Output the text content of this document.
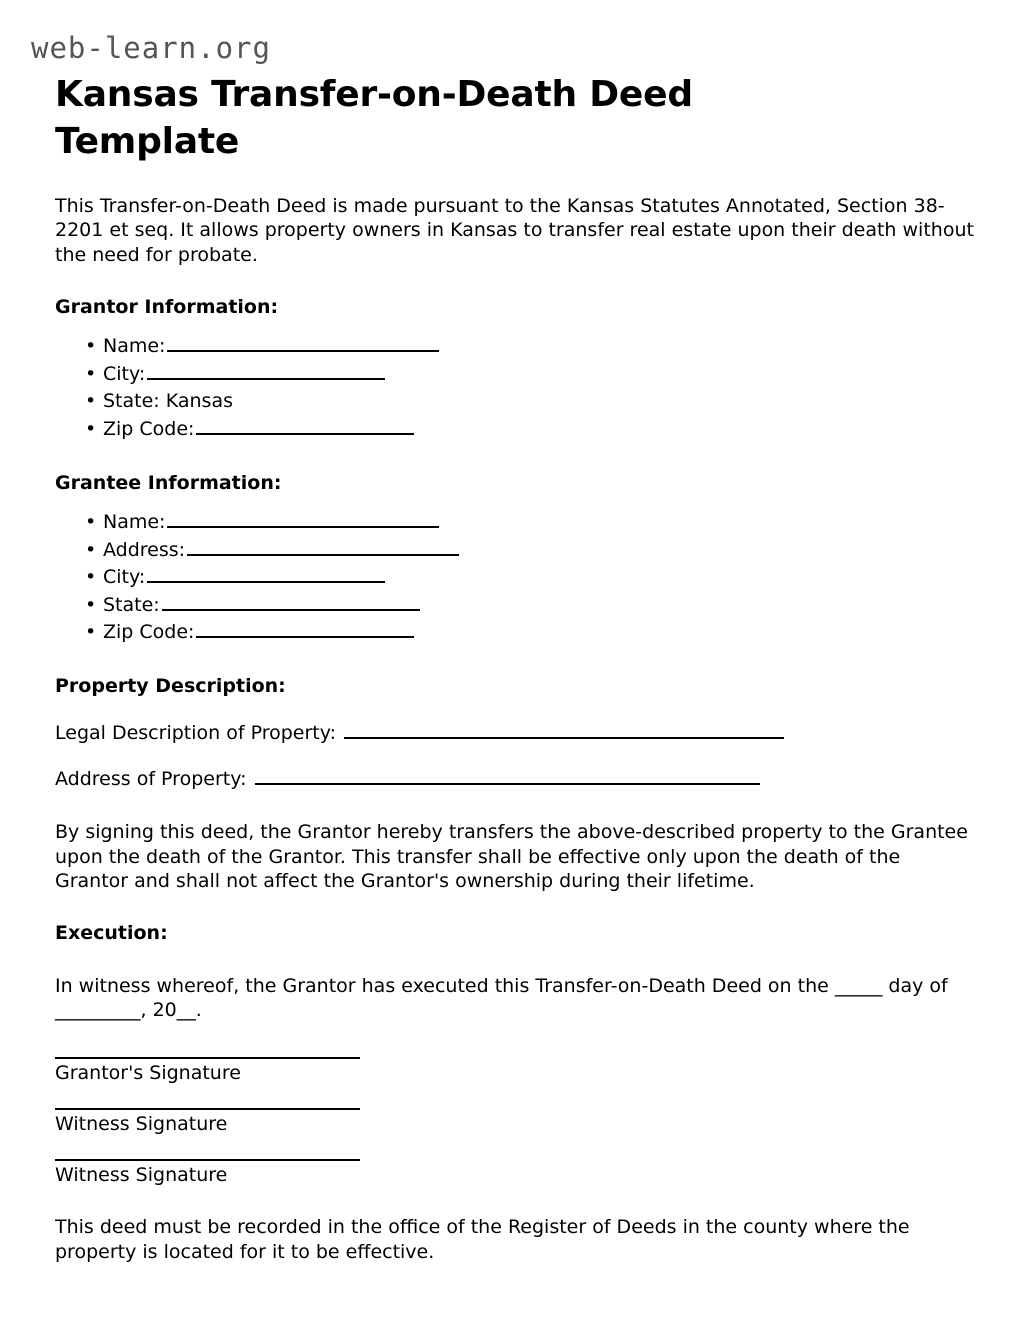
web-learn.org
Kansas Transfer-on-Death Deed Template

This Transfer-on-Death Deed is made pursuant to the Kansas Statutes Annotated, Section 38-2201 et seq. It allows property owners in Kansas to transfer real estate upon their death without the need for probate.

Grantor Information:
• Name:
• City:
• State: Kansas
• Zip Code:
Grantee Information:
• Name:
• Address:
• City:
• State:
• Zip Code:
Property Description:
Legal Description of Property:
Address of Property:

By signing this deed, the Grantor hereby transfers the above-described property to the Grantee upon the death of the Grantor. This transfer shall be effective only upon the death of the Grantor and shall not affect the Grantor's ownership during their lifetime.

Execution:

In witness whereof, the Grantor has executed this Transfer-on-Death Deed on the _____ day of _________, 20__.

Grantor's Signature
Witness Signature
Witness Signature

This deed must be recorded in the office of the Register of Deeds in the county where the property is located for it to be effective.
